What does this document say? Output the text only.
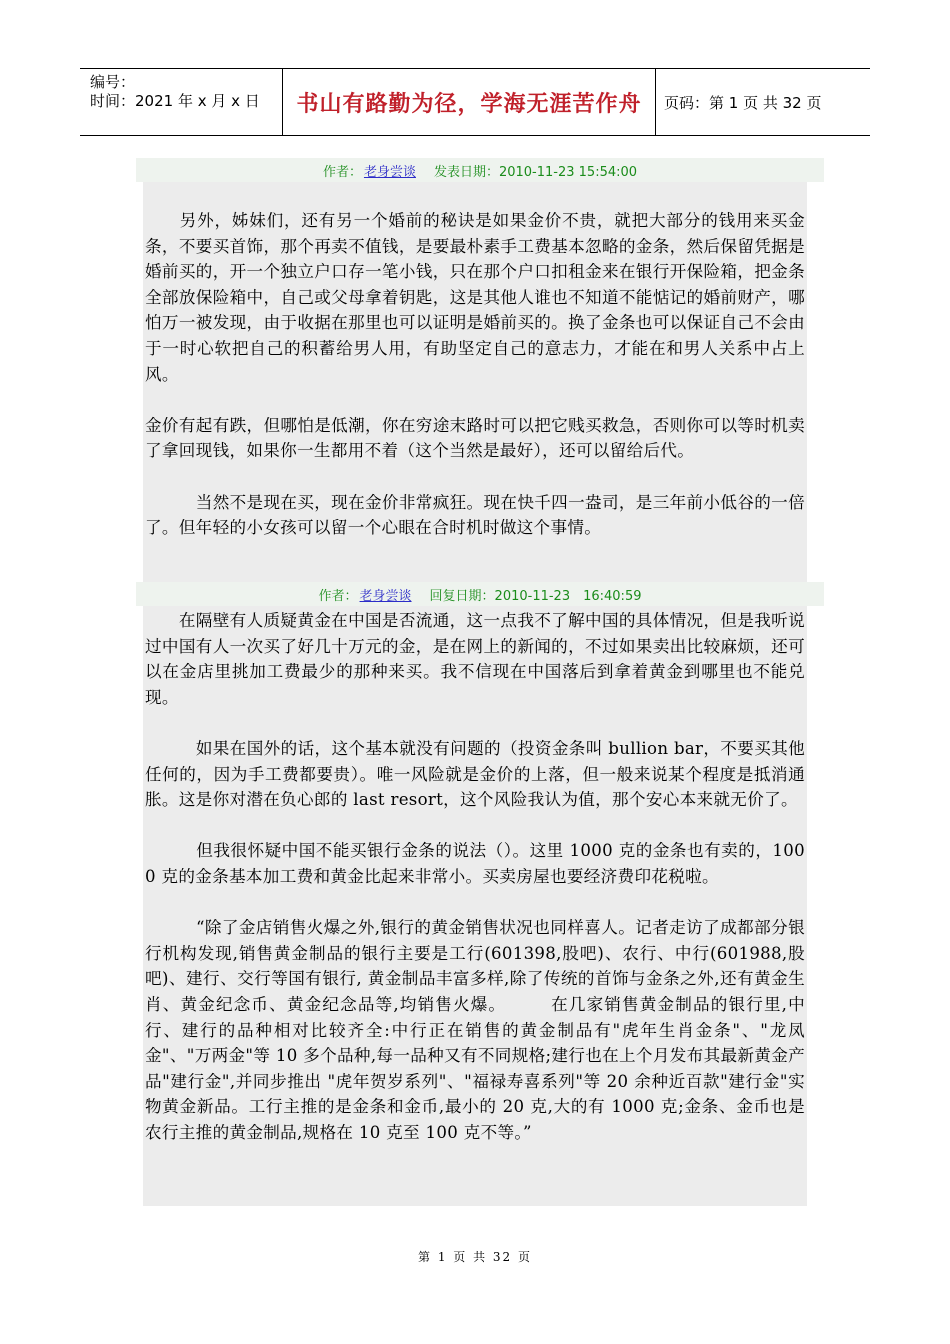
编号：
时间：2021 年 x 月 x 日	书山有路勤为径，学海无涯苦作舟 页码：第 1 页 共 32 页
作者： 老身尝谈 发表日期：2010-11-23 15:54:00

　　另外，姊妹们，还有另一个婚前的秘诀是如果金价不贵，就把大部分的钱用来买金条，不要买首饰，那个再卖不值钱，是要最朴素手工费基本忽略的金条，然后保留凭据是婚前买的，开一个独立户口存一笔小钱，只在那个户口扣租金来在银行开保险箱，把金条全部放保险箱中，自己或父母拿着钥匙，这是其他人谁也不知道不能惦记的婚前财产，哪怕万一被发现，由于收据在那里也可以证明是婚前买的。换了金条也可以保证自己不会由于一时心软把自己的积蓄给男人用，有助坚定自己的意志力，才能在和男人关系中占上风。

金价有起有跌，但哪怕是低潮，你在穷途末路时可以把它贱买救急，否则你可以等时机卖了拿回现钱，如果你一生都用不着（这个当然是最好），还可以留给后代。

　　　当然不是现在买，现在金价非常疯狂。现在快千四一盎司，是三年前小低谷的一倍了。但年轻的小女孩可以留一个心眼在合时机时做这个事情。

作者： 老身尝谈 回复日期：2010-11-23　16:40:59

　　在隔壁有人质疑黄金在中国是否流通，这一点我不了解中国的具体情况，但是我听说过中国有人一次买了好几十万元的金，是在网上的新闻的，不过如果卖出比较麻烦，还可以在金店里挑加工费最少的那种来买。我不信现在中国落后到拿着黄金到哪里也不能兑现。

　　　如果在国外的话，这个基本就没有问题的（投资金条叫 bullion bar，不要买其他任何的，因为手工费都要贵）。唯一风险就是金价的上落，但一般来说某个程度是抵消通胀。这是你对潜在负心郎的 last resort，这个风险我认为值，那个安心本来就无价了。

　　　但我很怀疑中国不能买银行金条的说法（）。这里 1000 克的金条也有卖的，1000 克的金条基本加工费和黄金比起来非常小。买卖房屋也要经济费印花税啦。

　　　“除了金店销售火爆之外,银行的黄金销售状况也同样喜人。记者走访了成都部分银行机构发现,销售黄金制品的银行主要是工行(601398,股吧)、农行、中行(601988,股吧)、建行、交行等国有银行, 黄金制品丰富多样,除了传统的首饰与金条之外,还有黄金生肖、黄金纪念币、黄金纪念品等,均销售火爆。　　　在几家销售黄金制品的银行里,中行、建行的品种相对比较齐全:中行正在销售的黄金制品有"虎年生肖金条"、"龙凤金"、"万两金"等 10 多个品种,每一品种又有不同规格;建行也在上个月发布其最新黄金产品"建行金",并同步推出 "虎年贺岁系列"、"福禄寿喜系列"等 20 余种近百款"建行金"实物黄金新品。工行主推的是金条和金币,最小的 20 克,大的有 1000 克;金条、金币也是农行主推的黄金制品,规格在 10 克至 100 克不等。”

第 1 页 共 32 页
